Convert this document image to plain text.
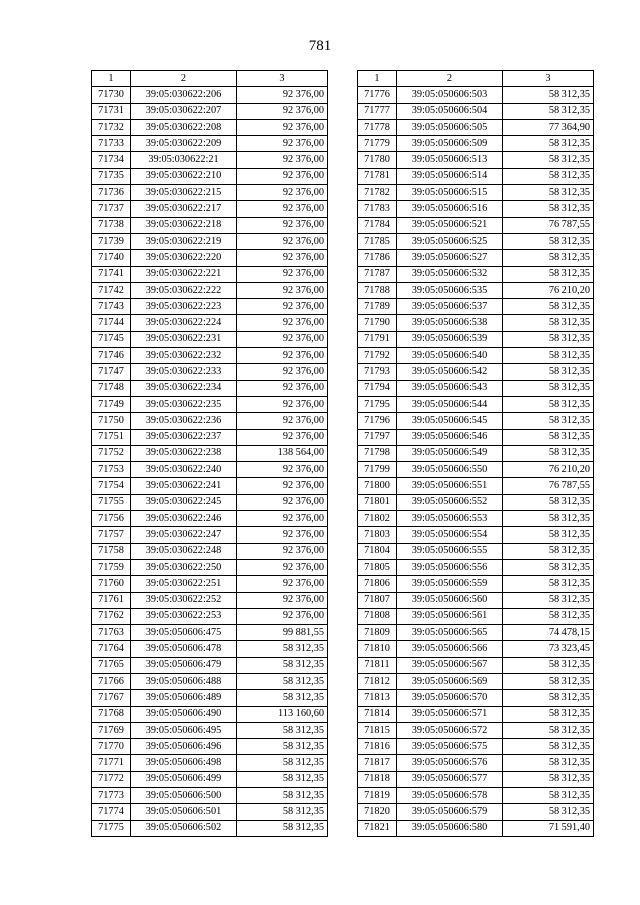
781
1	2	3
71730	39:05:030622:206	92 376,00
71731	39:05:030622:207	92 376,00
71732	39:05:030622:208	92 376,00
71733	39:05:030622:209	92 376,00
71734	39:05:030622:21	92 376,00
71735	39:05:030622:210	92 376,00
71736	39:05:030622:215	92 376,00
71737	39:05:030622:217	92 376,00
71738	39:05:030622:218	92 376,00
71739	39:05:030622:219	92 376,00
71740	39:05:030622:220	92 376,00
71741	39:05:030622:221	92 376,00
71742	39:05:030622:222	92 376,00
71743	39:05:030622:223	92 376,00
71744	39:05:030622:224	92 376,00
71745	39:05:030622:231	92 376,00
71746	39:05:030622:232	92 376,00
71747	39:05:030622:233	92 376,00
71748	39:05:030622:234	92 376,00
71749	39:05:030622:235	92 376,00
71750	39:05:030622:236	92 376,00
71751	39:05:030622:237	92 376,00
71752	39:05:030622:238	138 564,00
71753	39:05:030622:240	92 376,00
71754	39:05:030622:241	92 376,00
71755	39:05:030622:245	92 376,00
71756	39:05:030622:246	92 376,00
71757	39:05:030622:247	92 376,00
71758	39:05:030622:248	92 376,00
71759	39:05:030622:250	92 376,00
71760	39:05:030622:251	92 376,00
71761	39:05:030622:252	92 376,00
71762	39:05:030622:253	92 376,00
71763	39:05:050606:475	99 881,55
71764	39:05:050606:478	58 312,35
71765	39:05:050606:479	58 312,35
71766	39:05:050606:488	58 312,35
71767	39:05:050606:489	58 312,35
71768	39:05:050606:490	113 160,60
71769	39:05:050606:495	58 312,35
71770	39:05:050606:496	58 312,35
71771	39:05:050606:498	58 312,35
71772	39:05:050606:499	58 312,35
71773	39:05:050606:500	58 312,35
71774	39:05:050606:501	58 312,35
71775	39:05:050606:502	58 312,35
1	2	3
71776	39:05:050606:503	58 312,35
71777	39:05:050606:504	58 312,35
71778	39:05:050606:505	77 364,90
71779	39:05:050606:509	58 312,35
71780	39:05:050606:513	58 312,35
71781	39:05:050606:514	58 312,35
71782	39:05:050606:515	58 312,35
71783	39:05:050606:516	58 312,35
71784	39:05:050606:521	76 787,55
71785	39:05:050606:525	58 312,35
71786	39:05:050606:527	58 312,35
71787	39:05:050606:532	58 312,35
71788	39:05:050606:535	76 210,20
71789	39:05:050606:537	58 312,35
71790	39:05:050606:538	58 312,35
71791	39:05:050606:539	58 312,35
71792	39:05:050606:540	58 312,35
71793	39:05:050606:542	58 312,35
71794	39:05:050606:543	58 312,35
71795	39:05:050606:544	58 312,35
71796	39:05:050606:545	58 312,35
71797	39:05:050606:546	58 312,35
71798	39:05:050606:549	58 312,35
71799	39:05:050606:550	76 210,20
71800	39:05:050606:551	76 787,55
71801	39:05:050606:552	58 312,35
71802	39:05:050606:553	58 312,35
71803	39:05:050606:554	58 312,35
71804	39:05:050606:555	58 312,35
71805	39:05:050606:556	58 312,35
71806	39:05:050606:559	58 312,35
71807	39:05:050606:560	58 312,35
71808	39:05:050606:561	58 312,35
71809	39:05:050606:565	74 478,15
71810	39:05:050606:566	73 323,45
71811	39:05:050606:567	58 312,35
71812	39:05:050606:569	58 312,35
71813	39:05:050606:570	58 312,35
71814	39:05:050606:571	58 312,35
71815	39:05:050606:572	58 312,35
71816	39:05:050606:575	58 312,35
71817	39:05:050606:576	58 312,35
71818	39:05:050606:577	58 312,35
71819	39:05:050606:578	58 312,35
71820	39:05:050606:579	58 312,35
71821	39:05:050606:580	71 591,40
